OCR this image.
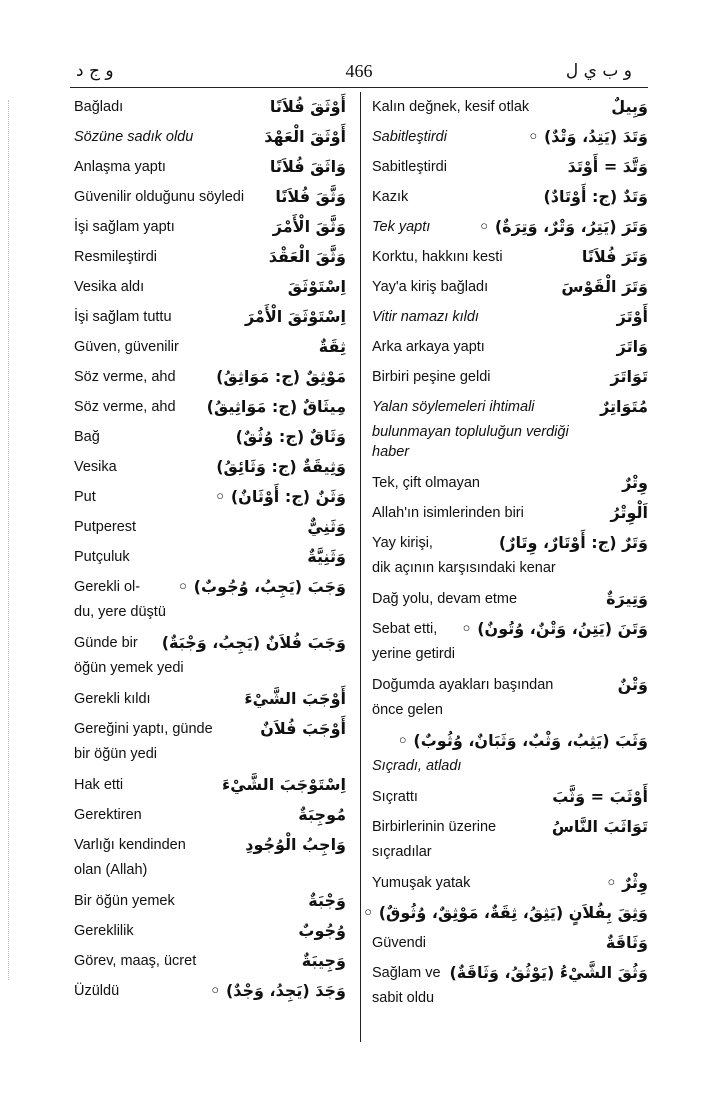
و ج د	466	و ب ي ل
Bağladı	أَوْثَقَ فُلاَنًا
Sözüne sadık oldu	أَوْثَقَ الْعَهْدَ
Anlaşma yaptı	وَاثَقَ فُلاَنًا
Güvenilir olduğunu söyledi وَثَّقَ فُلاَنًا
İşi sağlam yaptı	وَثَّقَ الْأَمْرَ
Resmileştirdi	وَثَّقَ الْعَقْدَ
Vesika aldı	اِسْتَوْثَقَ
İşi sağlam tuttu	اِسْتَوْثَقَ الْأَمْرَ
Güven, güvenilir	ثِقَةٌ
Söz verme, ahd	مَوْثِقٌ (ج: مَوَاثِقُ)
Söz verme, ahd مِيثَاقٌ (ج: مَوَاثِيقُ)
Bağ	وَثَاقٌ (ج: وُثُقٌ)
Vesika	وَثِيقَةٌ (ج: وَثَائِقُ)
Put	وَثَنٌ (ج: أَوْثَانٌ) ◦
Putperest	وَثَنِيٌّ
Putçuluk	وَثَنِيَّةٌ
Gerekli ol- وَجَبَ (يَجِبُ، وُجُوبٌ) ◦
du, yere düştü
Günde bir وَجَبَ فُلاَنٌ (يَجِبُ، وَجْبَةٌ)
öğün yemek yedi
Gerekli kıldı	أَوْجَبَ الشَّيْءَ
Gereğini yaptı, günde	أَوْجَبَ فُلاَنٌ
bir öğün yedi
Hak etti	اِسْتَوْجَبَ الشَّيْءَ
Gerektiren	مُوجِبَةٌ
Varlığı kendinden	وَاجِبُ الْوُجُودِ
olan (Allah)
Bir öğün yemek	وَجْبَةٌ
Gereklilik	وُجُوبٌ
Görev, maaş, ücret	وَجِيبَةٌ
Üzüldü	وَجَدَ (يَجِدُ، وَجْدٌ) ◦
Kalın değnek, kesif otlak	وَبِيلٌ
Sabitleştirdi	وَتَدَ (يَتِدُ، وَتْدٌ) ◦
Sabitleştirdi	وَتَّدَ = أَوْتَدَ
Kazık	وَتَدٌ (ج: أَوْتَادٌ)
Tek yaptı	وَتَرَ (يَتِرُ، وَتْرٌ، وَتِرَةٌ) ◦
Korktu, hakkını kesti	وَتَرَ فُلاَنًا
Yay'a kiriş bağladı	وَتَرَ الْقَوْسَ
Vitir namazı kıldı	أَوْتَرَ
Arka arkaya yaptı	وَاتَرَ
Birbiri peşine geldi	تَوَاتَرَ
Yalan söylemeleri ihtimali	مُتَوَاتِرٌ
bulunmayan topluluğun verdiği
haber
Tek, çift olmayan	وِتْرٌ
Allah'ın isimlerinden biri	اَلْوِتْرُ
Yay kirişi,	وَتَرٌ (ج: أَوْتَارٌ، وِتَارٌ)
dik açının karşısındaki kenar
Dağ yolu, devam etme	وَتِيرَةٌ
Sebat etti, وَتَنَ (يَتِنُ، وَتْنٌ، وُتُونٌ) ◦
yerine getirdi
Doğumda ayakları başından	وَتْنٌ
önce gelen
وَثَبَ (يَثِبُ، وَثْبٌ، وَثَبَانٌ، وُثُوبٌ) ◦
Sıçradı, atladı
Sıçrattı	أَوْثَبَ = وَثَّبَ
Birbirlerinin üzerine	تَوَاثَبَ النَّاسُ
sıçradılar
Yumuşak yatak	وِثْرٌ ◦
وَثِقَ بِفُلاَنٍ (يَثِقُ، ثِقَةٌ، مَوْثِقٌ، وُثُوقٌ) ◦
Güvendi	وَثَاقَةٌ
Sağlam ve وَثُقَ الشَّيْءُ (يَوْثُقُ، وَثَاقَةٌ)
sabit oldu
